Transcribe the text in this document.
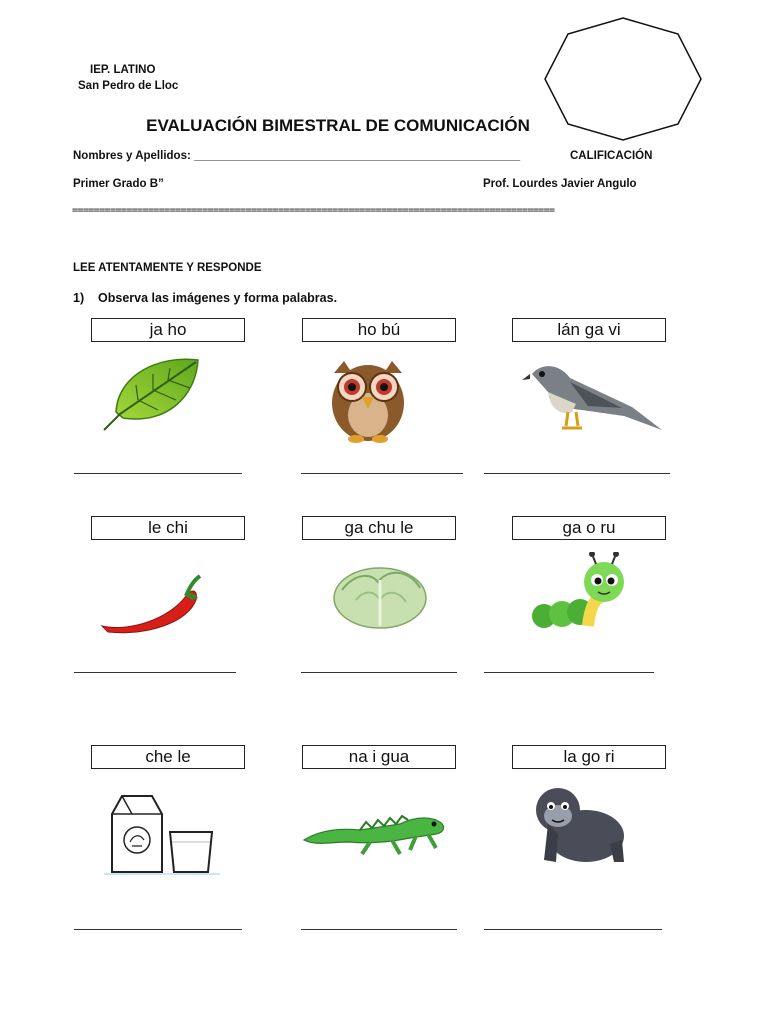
IEP. LATINO
San Pedro de Lloc
EVALUACIÓN BIMESTRAL DE COMUNICACIÓN
Nombres y Apellidos: ___________________________________________________	CALIFICACIÓN
Primer Grado B”	Prof. Lourdes Javier Angulo
=========================================================================================
LEE ATENTAMENTE Y RESPONDE
1) Observa las imágenes y forma palabras.
ja ho	ho bú	lán ga vi
le chi	ga chu le	ga o ru
che le	na i gua	la go ri
